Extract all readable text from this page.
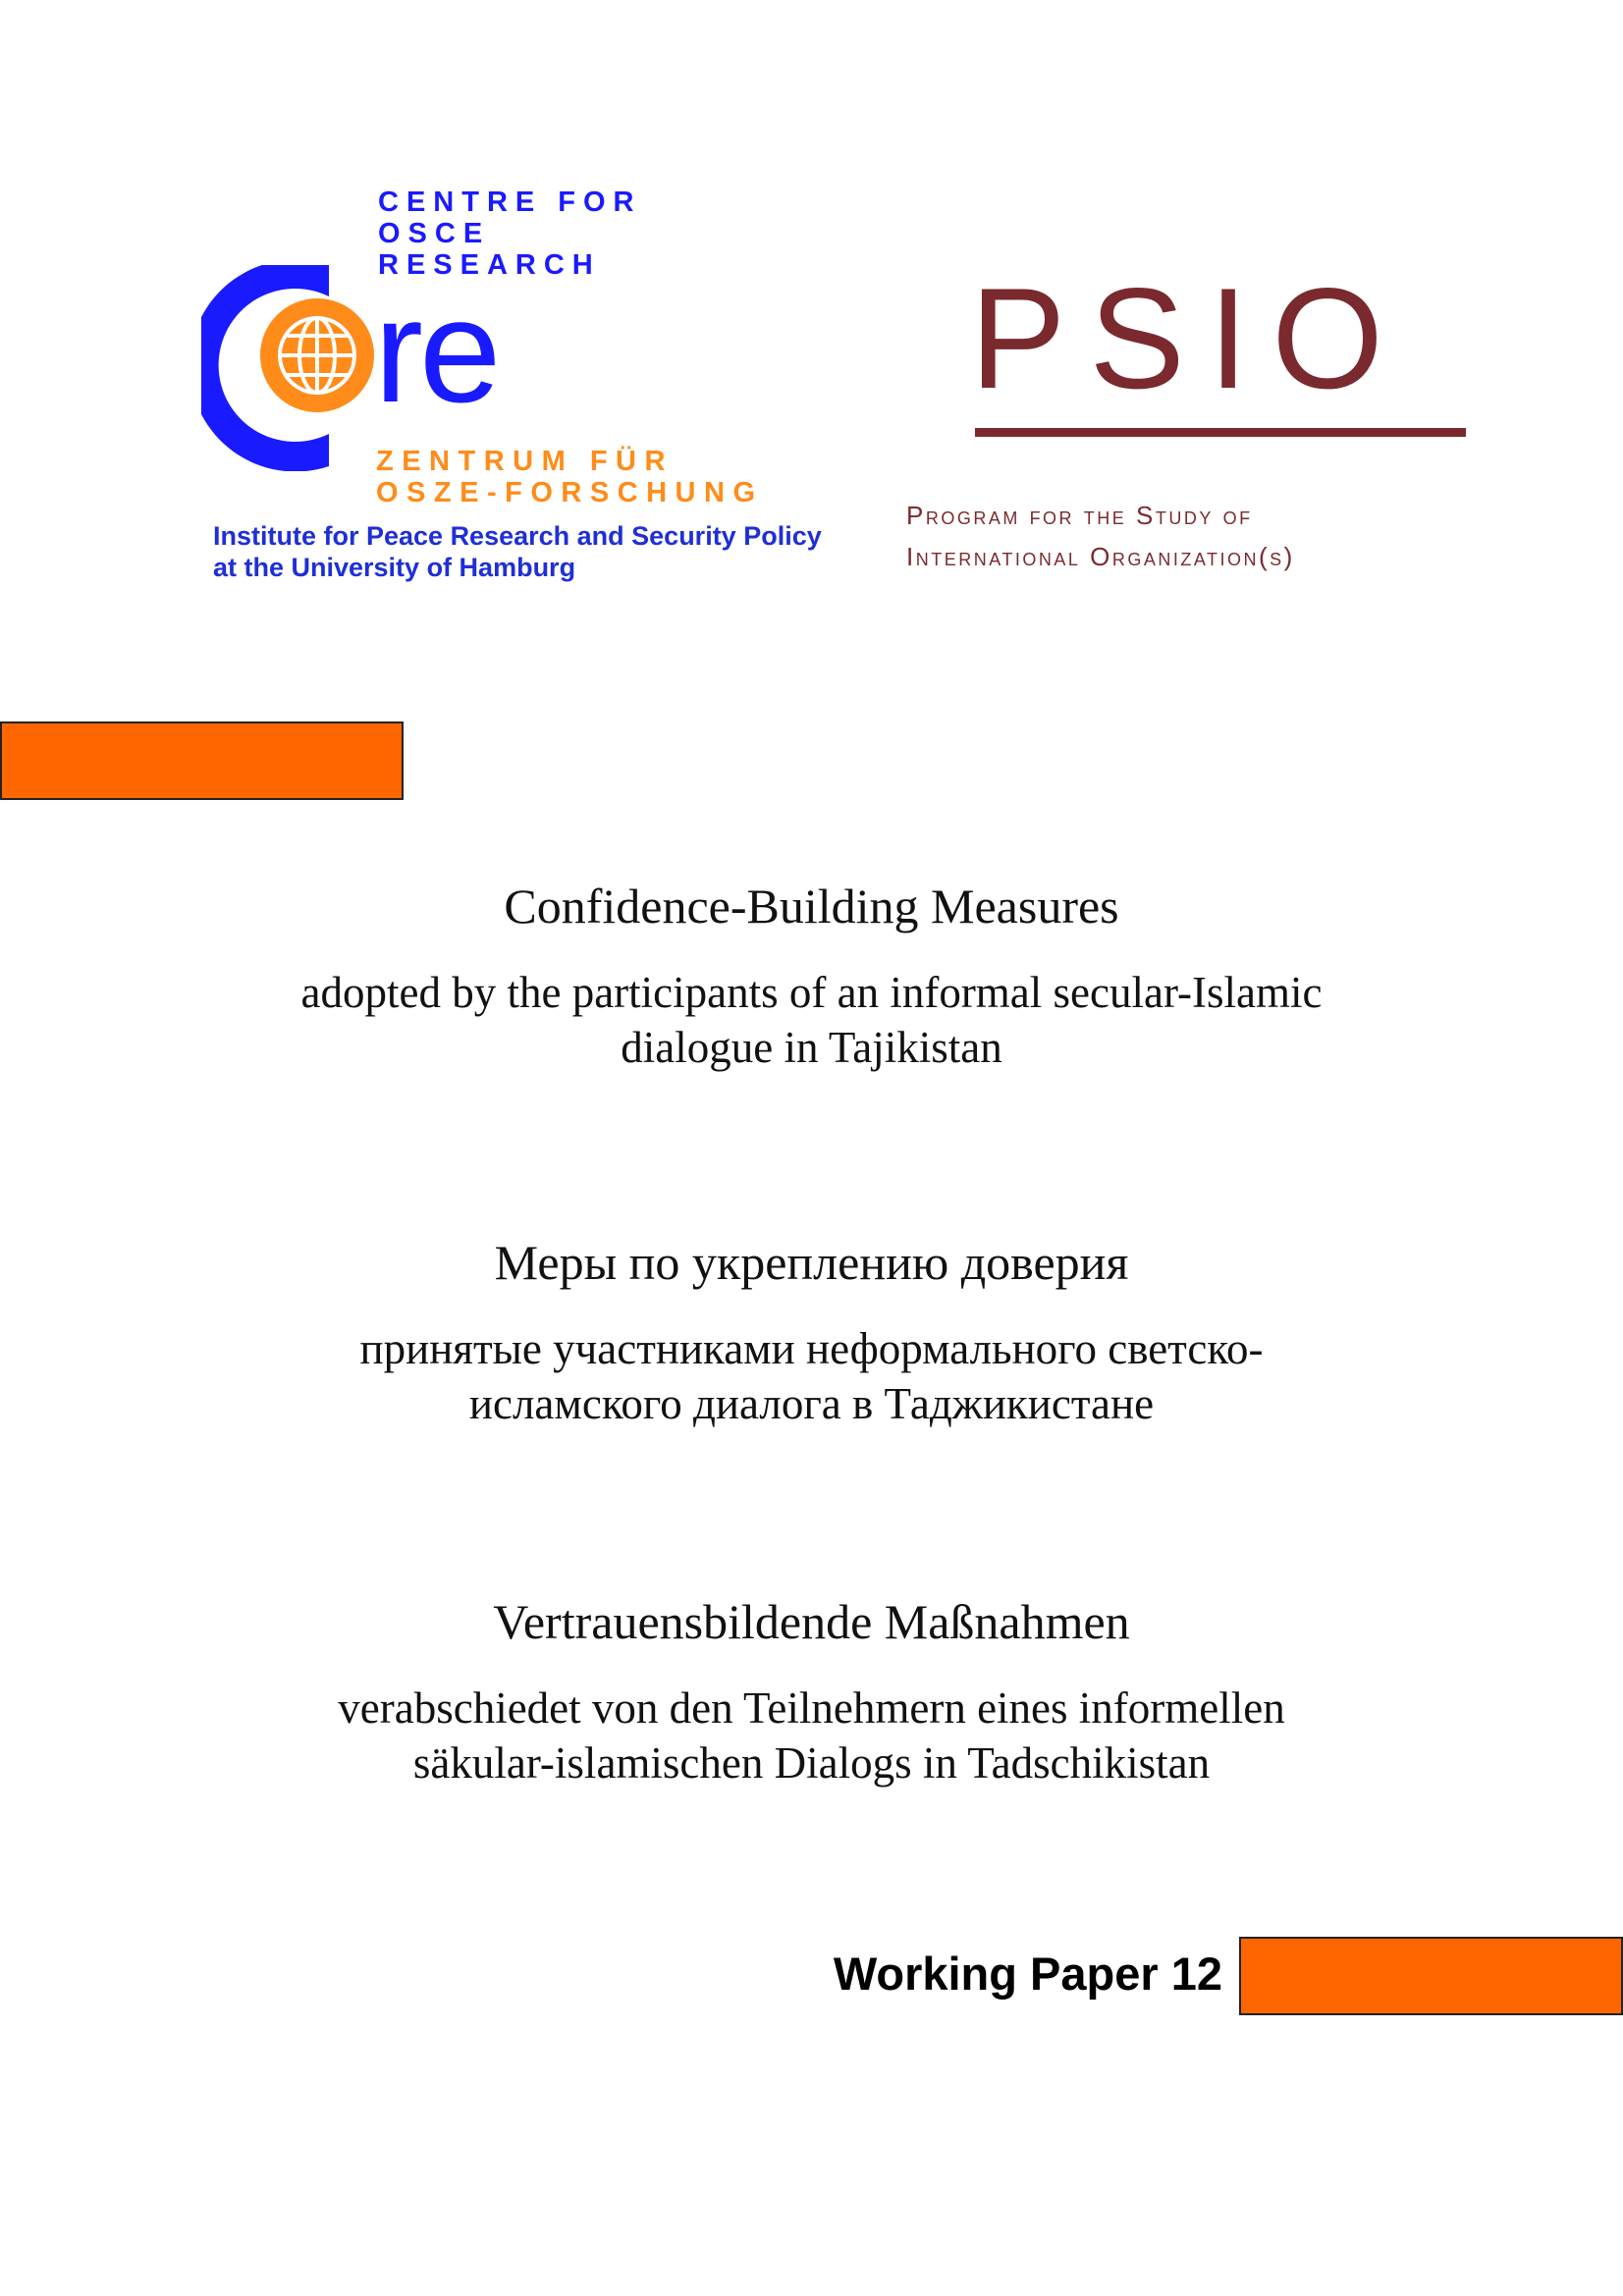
CENTRE FOR
OSCE
RESEARCH
re
ZENTRUM FÜR
OSZE-FORSCHUNG
Institute for Peace Research and Security Policy
at the University of Hamburg
PSIO
Program for the Study of
International Organization(s)
Confidence-Building Measures
adopted by the participants of an informal secular-Islamic
dialogue in Tajikistan
Меры по укреплению доверия
принятые участниками неформального светско-
исламского диалога в Таджикистане
Vertrauensbildende Maßnahmen
verabschiedet von den Teilnehmern eines informellen
säkular-islamischen Dialogs in Tadschikistan
Working Paper 12
